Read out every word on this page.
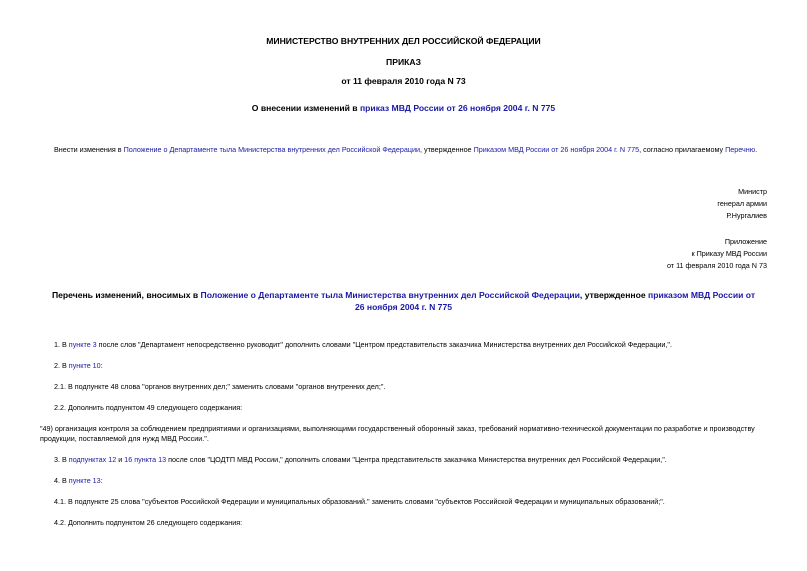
МИНИСТЕРСТВО ВНУТРЕННИХ ДЕЛ РОССИЙСКОЙ ФЕДЕРАЦИИ
ПРИКАЗ
от 11 февраля 2010 года N 73
О внесении изменений в приказ МВД России от 26 ноября 2004 г. N 775
Внести изменения в Положение о Департаменте тыла Министерства внутренних дел Российской Федерации, утвержденное Приказом МВД России от 26 ноября 2004 г. N 775, согласно прилагаемому Перечню.
Министр
генерал армии
Р.Нургалиев
Приложение
к Приказу МВД России
от 11 февраля 2010 года N 73
Перечень изменений, вносимых в Положение о Департаменте тыла Министерства внутренних дел Российской Федерации, утвержденное приказом МВД России от
26 ноября 2004 г. N 775
1. В пункте 3 после слов "Департамент непосредственно руководит" дополнить словами "Центром представительств заказчика Министерства внутренних дел Российской Федерации,".
2. В пункте 10:
2.1. В подпункте 48 слова "органов внутренних дел;" заменить словами "органов внутренних дел;".
2.2. Дополнить подпунктом 49 следующего содержания:
"49) организация контроля за соблюдением предприятиями и организациями, выполняющими государственный оборонный заказ, требований нормативно-технической документации по разработке и производству
продукции, поставляемой для нужд МВД России.".
3. В подпунктах 12 и 16 пункта 13 после слов "ЦОДТП МВД России," дополнить словами "Центра представительств заказчика Министерства внутренних дел Российской Федерации,".
4. В пункте 13:
4.1. В подпункте 25 слова "субъектов Российской Федерации и муниципальных образований." заменить словами "субъектов Российской Федерации и муниципальных образований;".
4.2. Дополнить подпунктом 26 следующего содержания:
